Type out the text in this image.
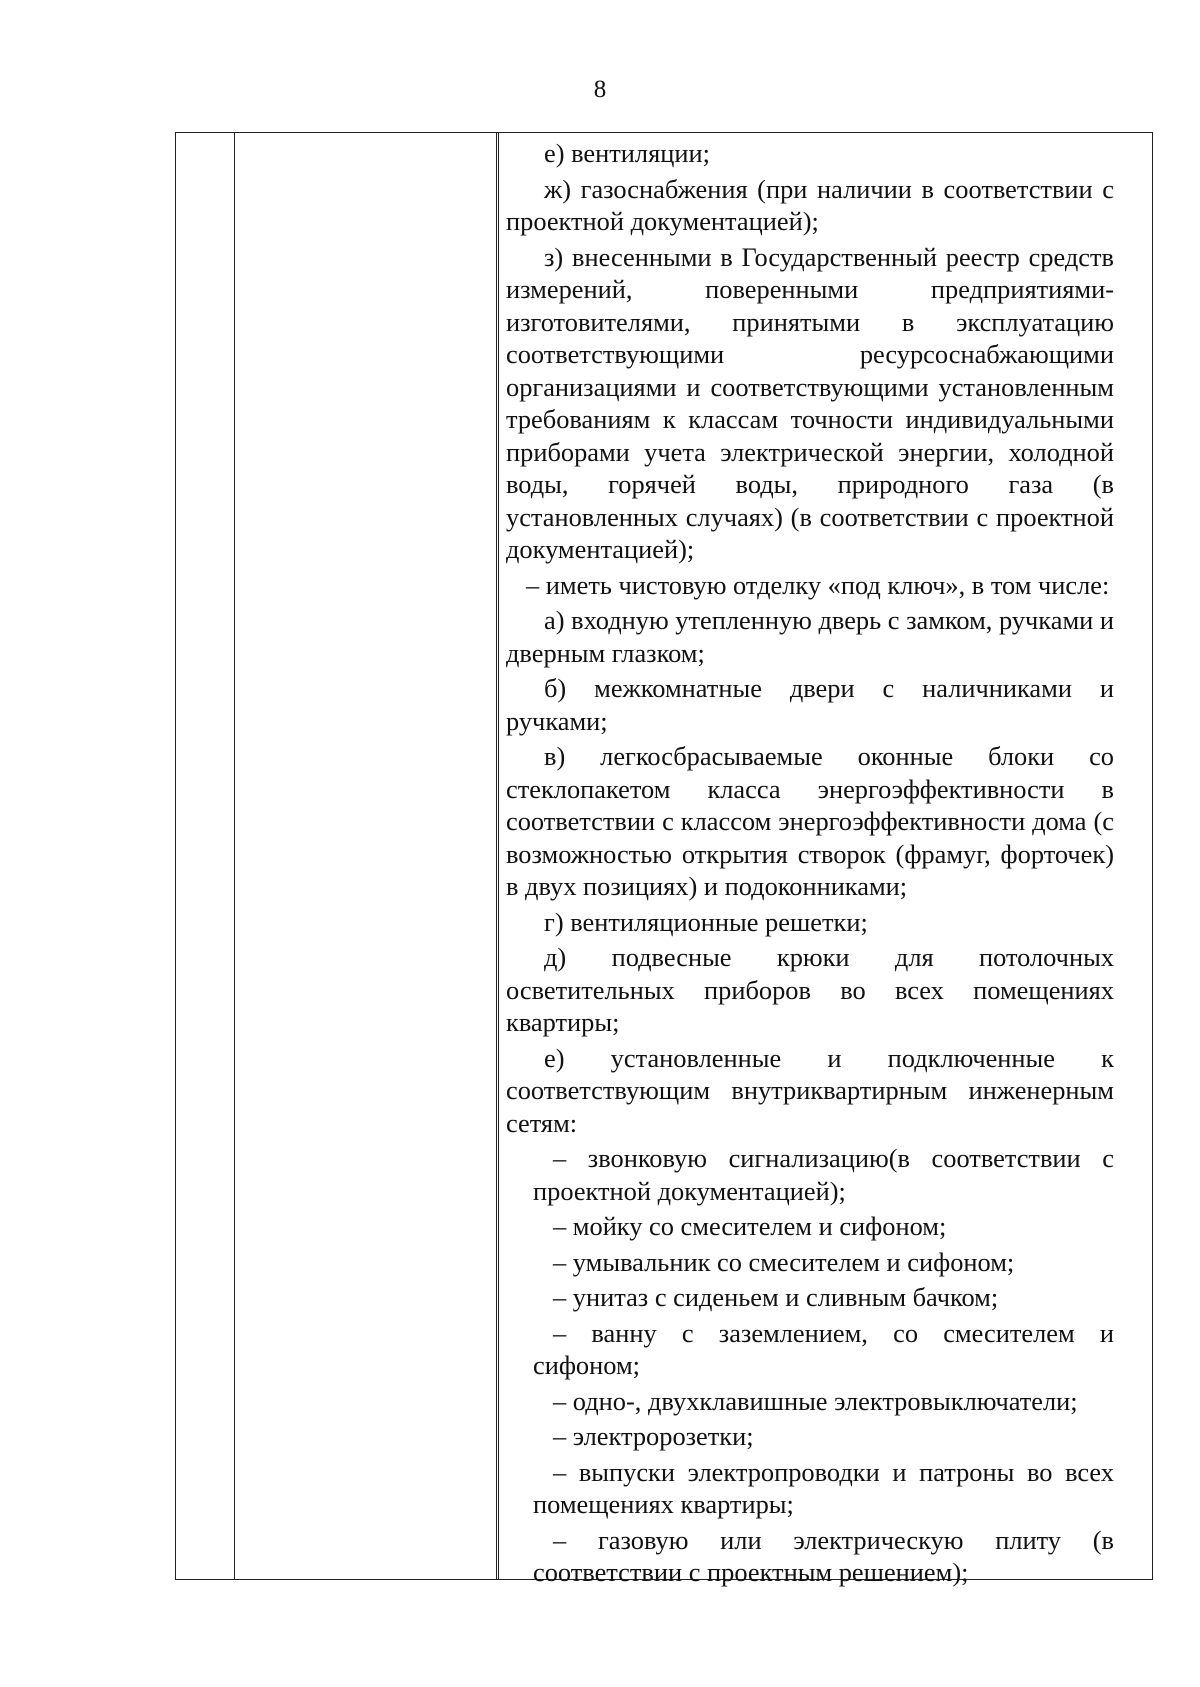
8

е) вентиляции;

ж) газоснабжения (при наличии в соответствии с проектной документацией);

з) внесенными в Государственный реестр средств измерений, поверенными предприятиями-изготовителями, принятыми в эксплуатацию соответствующими ресурсоснабжающими организациями и соответствующими установленным требованиям к классам точности индивидуальными приборами учета электрической энергии, холодной воды, горячей воды, природного газа (в установленных случаях) (в соответствии с проектной документацией);

– иметь чистовую отделку «под ключ», в том числе:

а) входную утепленную дверь с замком, ручками и дверным глазком;

б) межкомнатные двери с наличниками и ручками;

в) легкосбрасываемые оконные блоки со стеклопакетом класса энергоэффективности в соответствии с классом энергоэффективности дома (с возможностью открытия створок (фрамуг, форточек) в двух позициях) и подоконниками;

г) вентиляционные решетки;

д) подвесные крюки для потолочных осветительных приборов во всех помещениях квартиры;

е) установленные и подключенные к соответствующим внутриквартирным инженерным сетям:

– звонковую сигнализацию(в соответствии с проектной документацией);

– мойку со смесителем и сифоном;

– умывальник со смесителем и сифоном;

– унитаз с сиденьем и сливным бачком;

– ванну с заземлением, со смесителем и сифоном;

– одно-, двухклавишные электровыключатели;

– электророзетки;

– выпуски электропроводки и патроны во всех помещениях квартиры;

– газовую или электрическую плиту (в соответствии с проектным решением);
